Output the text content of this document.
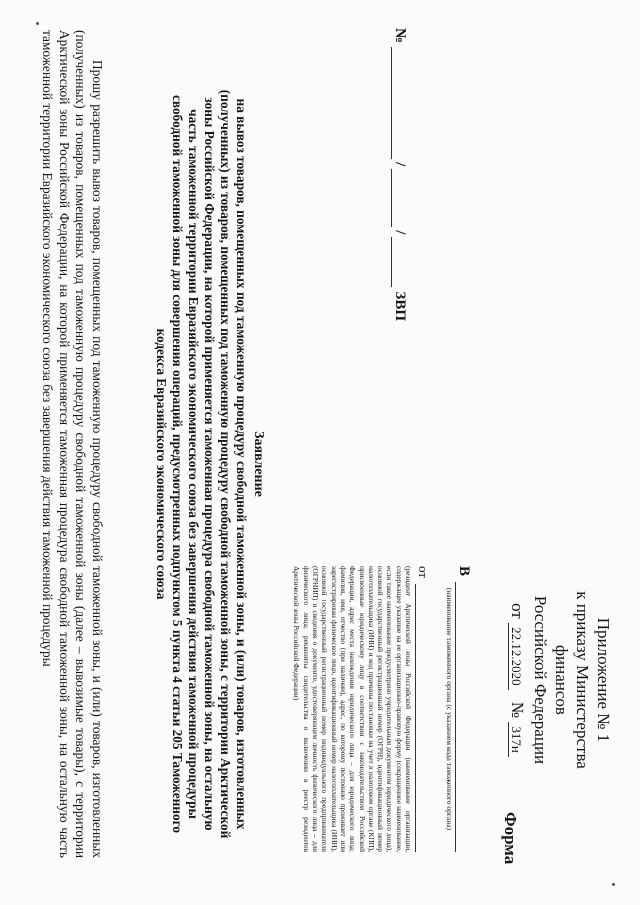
Приложение № 1
к приказу Министерства финансов
Российской Федерации
от 22.12.2020 № 317н
Форма
В
(наименование таможенного органа (с указанием кода таможенного органа)
от
(резидент Арктической зоны Российской Федерации (наименование организации, содержащее указание на ее организационно-правовую форму (сокращенное наименование, если такое наименование предусмотрено учредительным документом юридического лица), основной государственный регистрационный номер (ОГРН), идентификационный номер налогоплательщика (ИНН) и код причины постановки на учет в налоговом органе (КПП), присвоенные юридическому лицу в соответствии с законодательством Российской Федерации, адрес места нахождения юридического лица – для юридического лица; фамилия, имя, отчество (при наличии), адрес, по которому постоянно проживает или зарегистрирован физическое лицо, идентификационный номер налогоплательщика (ИНН), основной государственный регистрационный номер индивидуального предпринимателя (ОГРНИП) и сведения о документе, удостоверяющем личность физического лица – для физического лица; реквизиты свидетельства о включении в реестр резидентов Арктической зоны Российской Федерации)
№
/
/
ЗВП
Заявление
на вывоз товаров, помещенных под таможенную процедуру свободной таможенной зоны, и (или) товаров, изготовленных (полученных) из товаров, помещенных под таможенную процедуру свободной таможенной зоны, с территории Арктической зоны Российской Федерации, на которой применяется таможенная процедура свободной таможенной зоны, на остальную часть таможенной территории Евразийского экономического союза без завершения действия таможенной процедуры свободной таможенной зоны для совершения операций, предусмотренных подпунктом 5 пункта 4 статьи 205 Таможенного кодекса Евразийского экономического союза
Прошу разрешить вывоз товаров, помещенных под таможенную процедуру свободной таможенной зоны, и (или) товаров, изготовленных (полученных) из товаров, помещенных под таможенную процедуру свободной таможенной зоны (далее – вывозимые товары), с территории Арктической зоны Российской Федерации, на которой применяется таможенная процедура свободной таможенной зоны, на остальную часть таможенной территории Евразийского экономического союза без завершения действия таможенной процедуры
